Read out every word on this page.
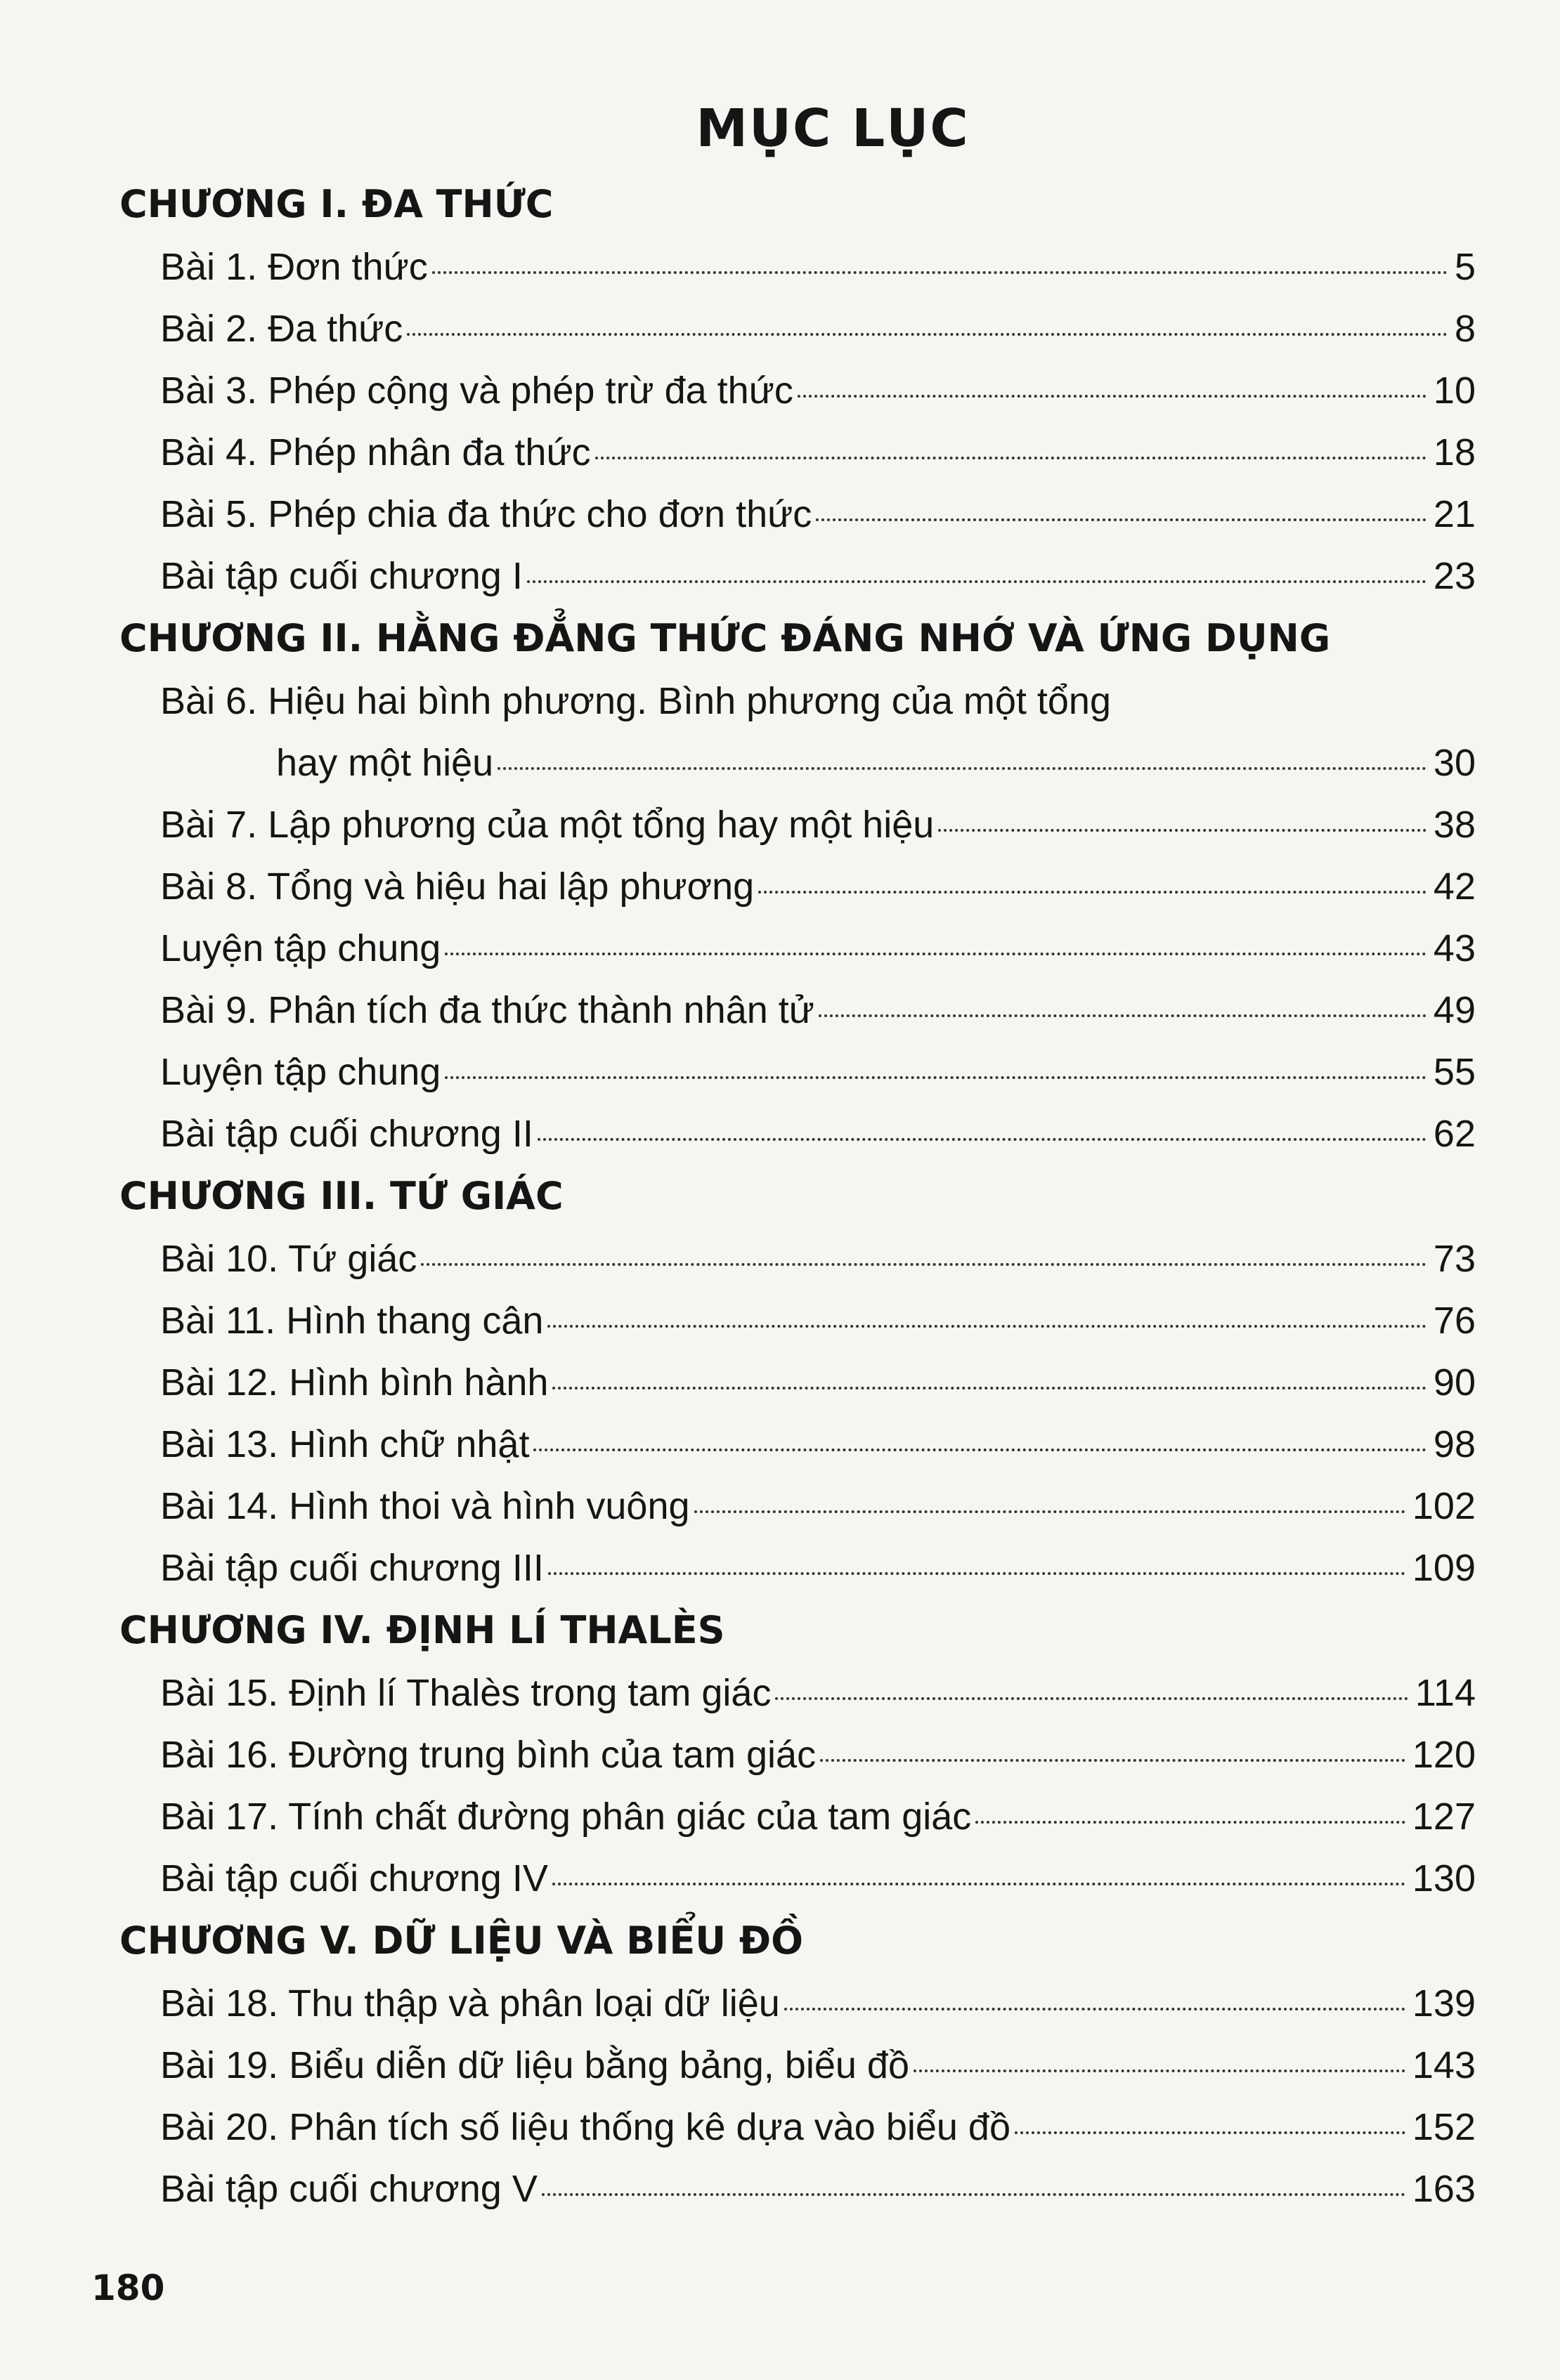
MỤC LỤC
CHƯƠNG I. ĐA THỨC
Bài 1. Đơn thức	5
Bài 2. Đa thức	8
Bài 3. Phép cộng và phép trừ đa thức	10
Bài 4. Phép nhân đa thức	18
Bài 5. Phép chia đa thức cho đơn thức	21
Bài tập cuối chương I	23
CHƯƠNG II. HẰNG ĐẲNG THỨC ĐÁNG NHỚ VÀ ỨNG DỤNG
Bài 6. Hiệu hai bình phương. Bình phương của một tổng
hay một hiệu	30
Bài 7. Lập phương của một tổng hay một hiệu	38
Bài 8. Tổng và hiệu hai lập phương	42
Luyện tập chung	43
Bài 9. Phân tích đa thức thành nhân tử	49
Luyện tập chung	55
Bài tập cuối chương II	62
CHƯƠNG III. TỨ GIÁC
Bài 10. Tứ giác	73
Bài 11. Hình thang cân	76
Bài 12. Hình bình hành	90
Bài 13. Hình chữ nhật	98
Bài 14. Hình thoi và hình vuông	102
Bài tập cuối chương III	109
CHƯƠNG IV. ĐỊNH LÍ THALÈS
Bài 15. Định lí Thalès trong tam giác	114
Bài 16. Đường trung bình của tam giác	120
Bài 17. Tính chất đường phân giác của tam giác	127
Bài tập cuối chương IV	130
CHƯƠNG V. DỮ LIỆU VÀ BIỂU ĐỒ
Bài 18. Thu thập và phân loại dữ liệu	139
Bài 19. Biểu diễn dữ liệu bằng bảng, biểu đồ	143
Bài 20. Phân tích số liệu thống kê dựa vào biểu đồ	152
Bài tập cuối chương V	163
180
